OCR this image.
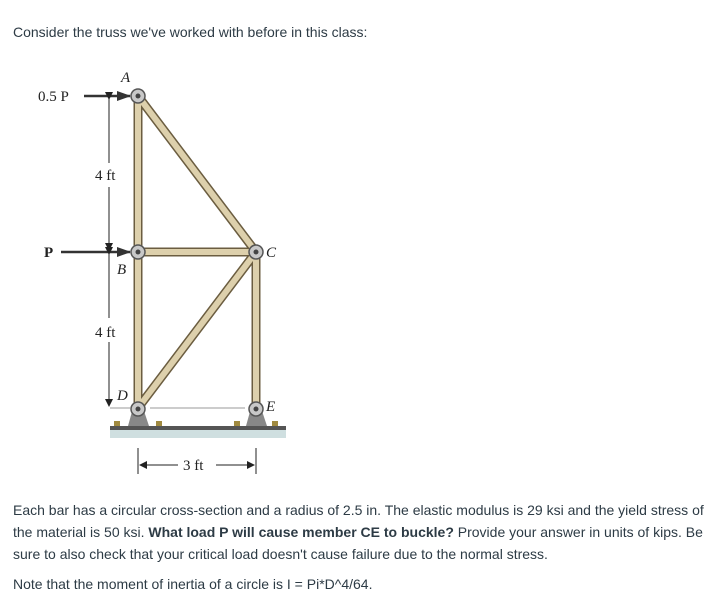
Consider the truss we've worked with before in this class:
0.5 P
P
A
B
C
D
E
4 ft
4 ft
3 ft

Each bar has a circular cross-section and a radius of 2.5 in. The elastic modulus is 29 ksi and the yield stress of the material is 50 ksi. What load P will cause member CE to buckle? Provide your answer in units of kips. Be sure to also check that your critical load doesn't cause failure due to the normal stress.

Note that the moment of inertia of a circle is I = Pi*D^4/64.
